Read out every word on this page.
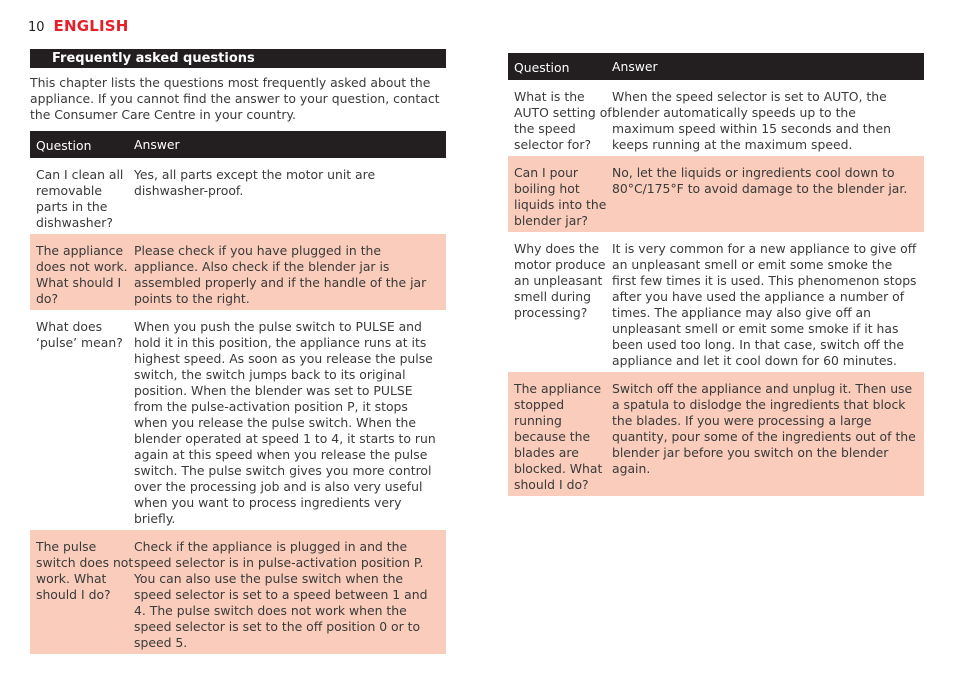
10 ENGLISH
Frequently asked questions

This chapter lists the questions most frequently asked about the appliance. If you cannot find the answer to your question, contact the Consumer Care Centre in your country.

Question	Answer
Can I clean all removable parts in the dishwasher?
Yes, all parts except the motor unit are dishwasher-proof.
The appliance does not work. What should I do?
Please check if you have plugged in the appliance. Also check if the blender jar is assembled properly and if the handle of the jar points to the right.
What does ‘pulse’ mean?
When you push the pulse switch to PULSE and hold it in this position, the appliance runs at its highest speed. As soon as you release the pulse switch, the switch jumps back to its original position. When the blender was set to PULSE from the pulse-activation position P, it stops when you release the pulse switch. When the blender operated at speed 1 to 4, it starts to run again at this speed when you release the pulse switch. The pulse switch gives you more control over the processing job and is also very useful when you want to process ingredients very briefly.
The pulse switch does not work. What should I do?
Check if the appliance is plugged in and the speed selector is in pulse-activation position P. You can also use the pulse switch when the speed selector is set to a speed between 1 and 4. The pulse switch does not work when the speed selector is set to the off position 0 or to speed 5.
Question	Answer
What is the AUTO setting of the speed selector for?
When the speed selector is set to AUTO, the blender automatically speeds up to the maximum speed within 15 seconds and then keeps running at the maximum speed.
Can I pour boiling hot liquids into the blender jar?
No, let the liquids or ingredients cool down to 80°C/175°F to avoid damage to the blender jar.
Why does the motor produce an unpleasant smell during processing?
It is very common for a new appliance to give off an unpleasant smell or emit some smoke the first few times it is used. This phenomenon stops after you have used the appliance a number of times. The appliance may also give off an unpleasant smell or emit some smoke if it has been used too long. In that case, switch off the appliance and let it cool down for 60 minutes.
The appliance stopped running because the blades are blocked. What should I do?
Switch off the appliance and unplug it. Then use a spatula to dislodge the ingredients that block the blades. If you were processing a large quantity, pour some of the ingredients out of the blender jar before you switch on the blender again.
